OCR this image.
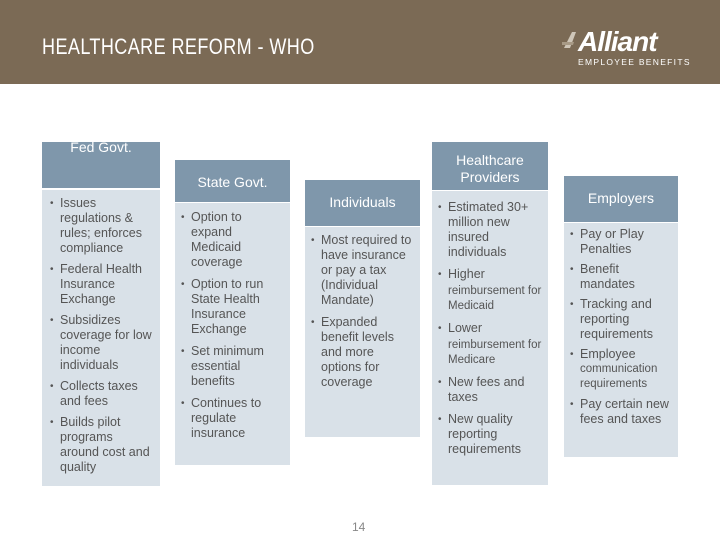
HEALTHCARE REFORM - WHO	Alliant
EMPLOYEE BENEFITS
Fed Govt.
• Issues regulations & rules; enforces compliance
• Federal Health Insurance Exchange
• Subsidizes coverage for low income individuals
• Collects taxes and fees
• Builds pilot programs around cost and quality
State Govt.
• Option to expand Medicaid coverage
• Option to run State Health Insurance Exchange
• Set minimum essential benefits
• Continues to regulate insurance
Individuals
• Most required to have insurance or pay a tax (Individual Mandate)
• Expanded benefit levels and more options for coverage
Healthcare Providers
• Estimated 30+ million new insured individuals
• Higher
reimbursement for Medicaid
• Lower
reimbursement for Medicare
• New fees and taxes
• New quality reporting requirements
Employers
• Pay or Play Penalties
• Benefit mandates
• Tracking and reporting requirements
• Employee
communication requirements
• Pay certain new fees and taxes
14
